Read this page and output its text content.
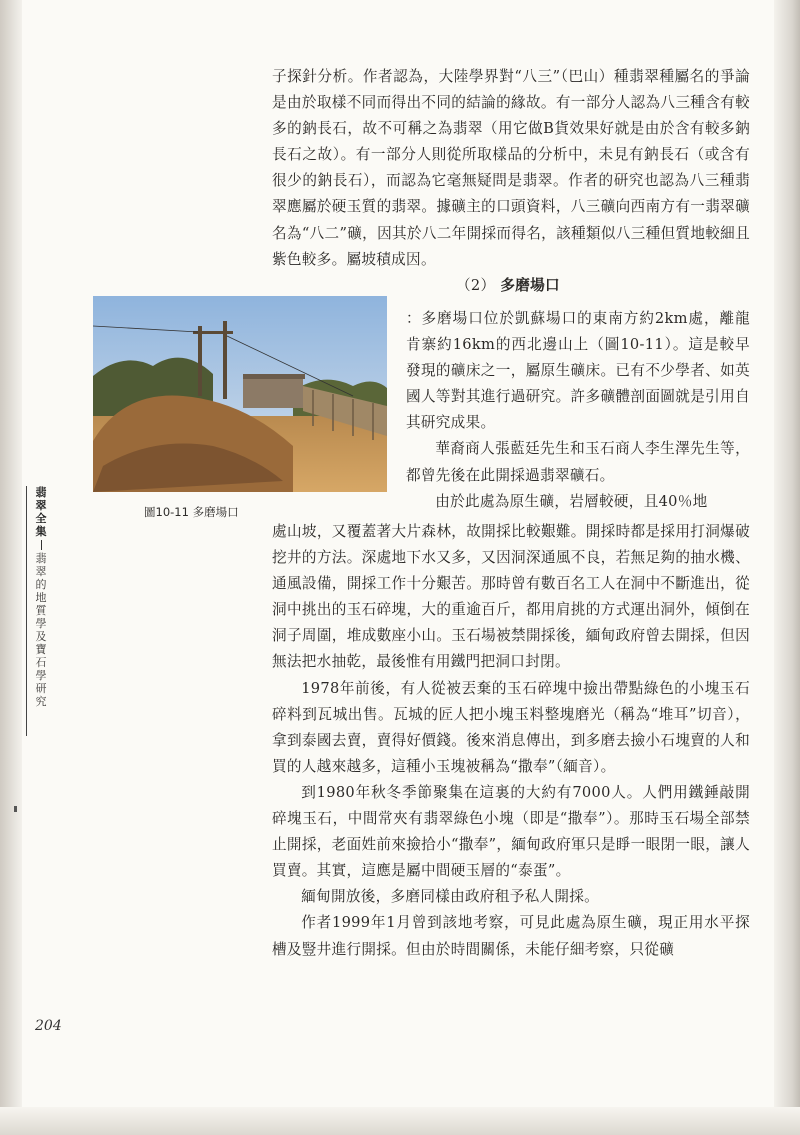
子探針分析。作者認為，大陸學界對“八三”（巴山）種翡翠種屬名的爭論是由於取樣不同而得出不同的結論的緣故。有一部分人認為八三種含有較多的鈉長石，故不可稱之為翡翠（用它做B貨效果好就是由於含有較多鈉長石之故）。有一部分人則從所取樣品的分析中，未見有鈉長石（或含有很少的鈉長石），而認為它毫無疑問是翡翠。作者的研究也認為八三種翡翠應屬於硬玉質的翡翠。據礦主的口頭資料，八三礦向西南方有一翡翠礦名為“八二”礦，因其於八二年開採而得名，該種類似八三種但質地較細且紫色較多。屬坡積成因。

（2） 多磨場口

：多磨場口位於凱蘇場口的東南方約2km處，離龍肯寨約16km的西北邊山上（圖10-11）。這是較早發現的礦床之一，屬原生礦床。已有不少學者、如英國人等對其進行過研究。許多礦體剖面圖就是引用自其研究成果。

華裔商人張藍廷先生和玉石商人李生澤先生等，都曾先後在此開採過翡翠礦石。

由於此處為原生礦，岩層較硬，且40％地

圖10-11 多磨場口
翡
翠
全
集
翡
翠
的
地
質
學
及
寶
石
學
研
究

處山坡，又覆蓋著大片森林，故開採比較艱難。開採時都是採用打洞爆破挖井的方法。深處地下水又多，又因洞深通風不良，若無足夠的抽水機、通風設備，開採工作十分艱苦。那時曾有數百名工人在洞中不斷進出，從洞中挑出的玉石碎塊，大的重逾百斤，都用肩挑的方式運出洞外，傾倒在洞子周圍，堆成數座小山。玉石場被禁開採後，緬甸政府曾去開採，但因無法把水抽乾，最後惟有用鐵門把洞口封閉。

1978年前後，有人從被丟棄的玉石碎塊中撿出帶點綠色的小塊玉石碎料到瓦城出售。瓦城的匠人把小塊玉料整塊磨光（稱為“堆耳”切音），拿到泰國去賣，賣得好價錢。後來消息傳出，到多磨去撿小石塊賣的人和買的人越來越多，這種小玉塊被稱為“撒奉”（緬音）。

到1980年秋冬季節聚集在這裏的大約有7000人。人們用鐵錘敲開碎塊玉石，中間常夾有翡翠綠色小塊（即是“撒奉”）。那時玉石場全部禁止開採，老面姓前來撿拾小“撒奉”，緬甸政府軍只是睜一眼閉一眼，讓人買賣。其實，這應是屬中間硬玉層的“泰蛋”。

緬甸開放後，多磨同樣由政府租予私人開採。

作者1999年1月曾到該地考察，可見此處為原生礦，現正用水平探槽及豎井進行開採。但由於時間關係，未能仔細考察，只從礦

204
